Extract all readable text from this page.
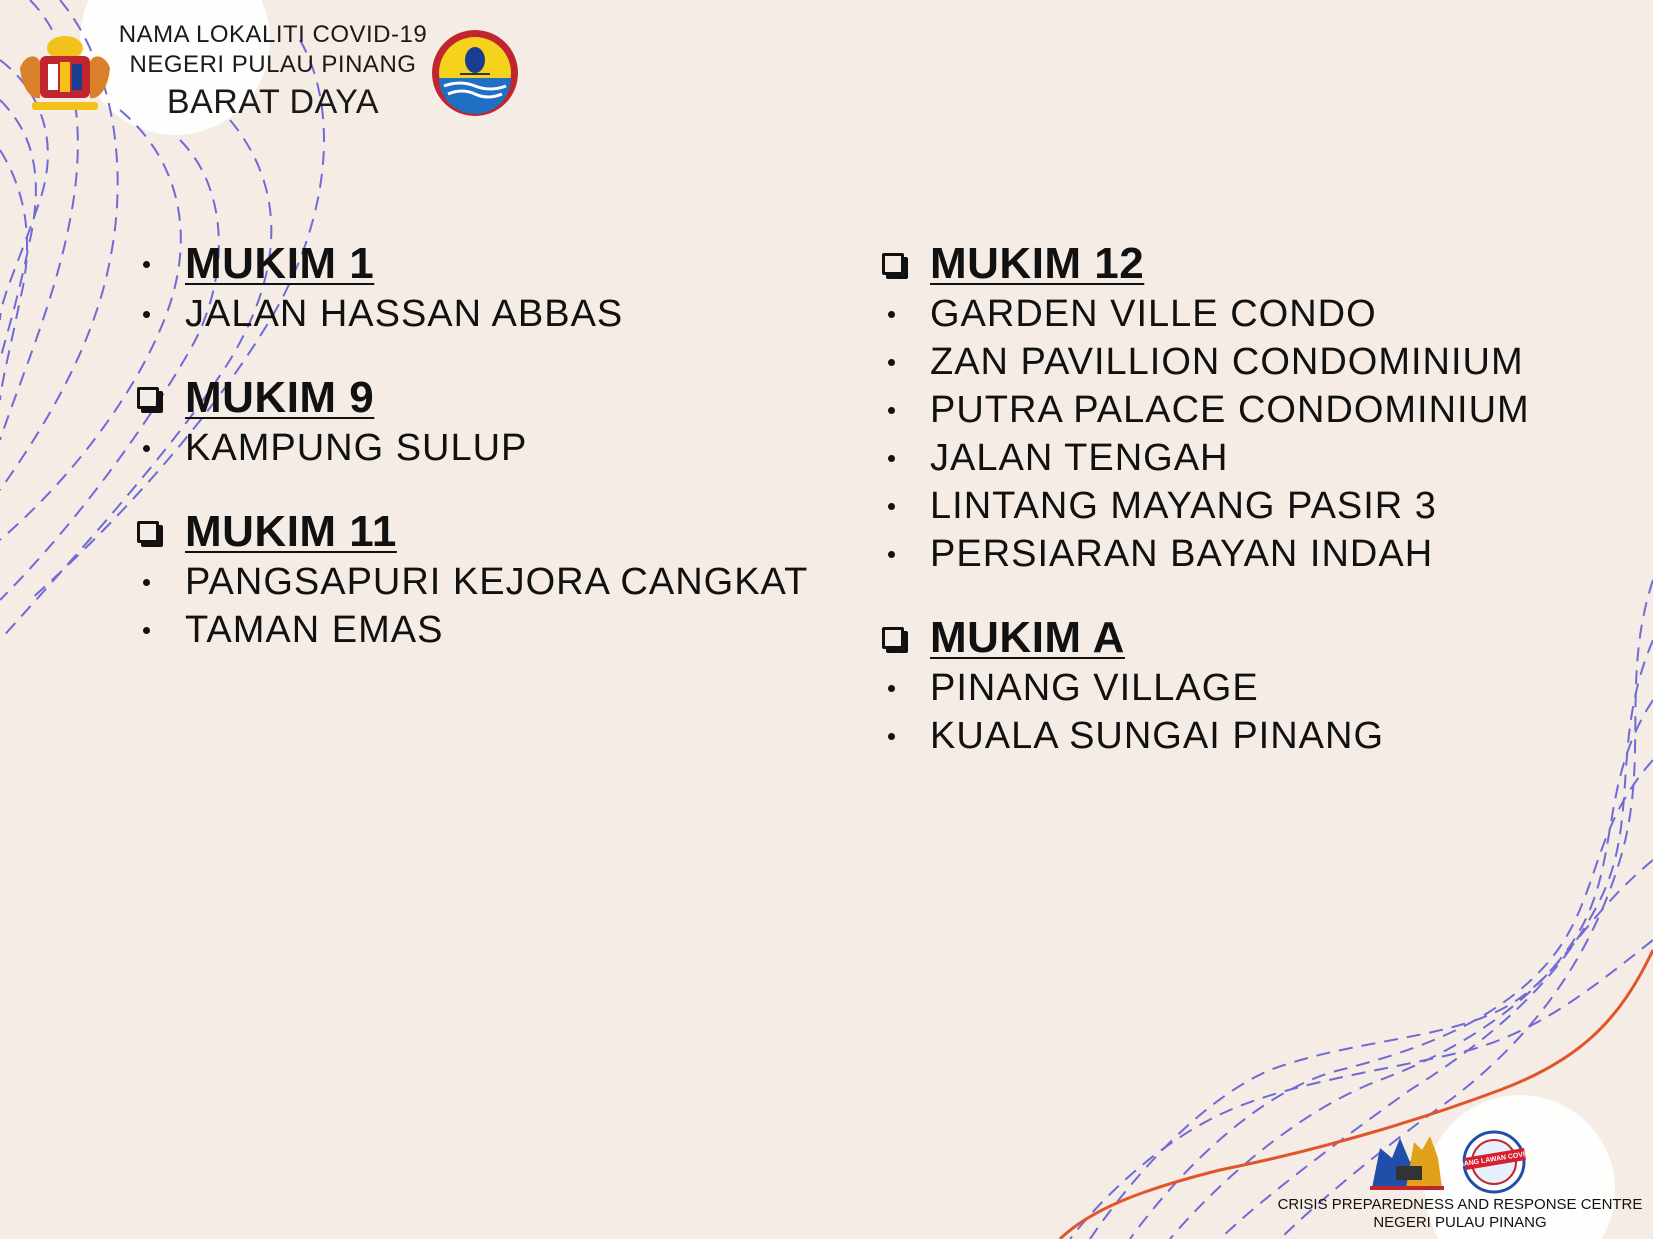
NAMA LOKALITI COVID-19
NEGERI PULAU PINANG
BARAT DAYA
MUKIM 1
JALAN HASSAN ABBAS
MUKIM 9
KAMPUNG SULUP
MUKIM 11
PANGSAPURI KEJORA CANGKAT
TAMAN EMAS
MUKIM 12
GARDEN VILLE CONDO
ZAN PAVILLION CONDOMINIUM
PUTRA PALACE CONDOMINIUM
JALAN TENGAH
LINTANG MAYANG PASIR 3
PERSIARAN BAYAN INDAH
MUKIM A
PINANG VILLAGE
KUALA SUNGAI PINANG
PENANG LAWAN COVID-19
CRISIS PREPAREDNESS AND RESPONSE CENTRE
NEGERI PULAU PINANG
